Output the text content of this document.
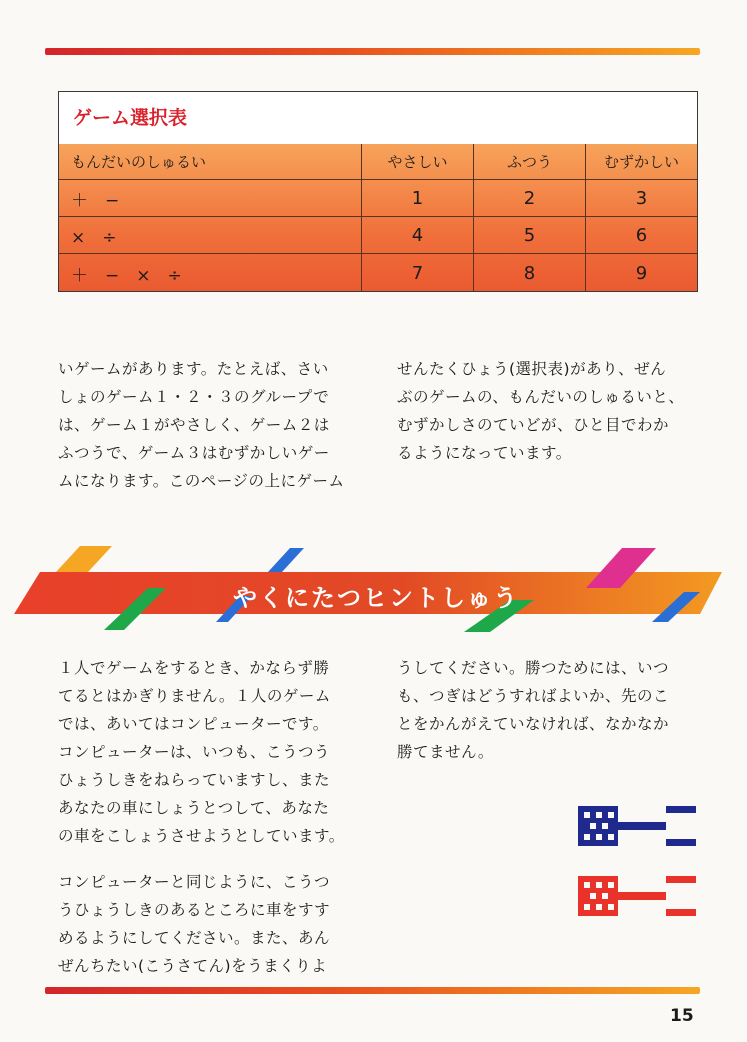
ゲーム選択表
もんだいのしゅるい	やさしい	ふつう	むずかしい
＋　−	1	2	3
×　÷	4	5	6
＋　−　×　÷	7	8	9
いゲームがあります。たとえば、さい
しょのゲーム１・２・３のグループで
は、ゲーム１がやさしく、ゲーム２は
ふつうで、ゲーム３はむずかしいゲー
ムになります。このページの上にゲーム
せんたくひょう(選択表)があり、ぜん
ぶのゲームの、もんだいのしゅるいと、
むずかしさのていどが、ひと目でわか
るようになっています。
やくにたつヒントしゅう
１人でゲームをするとき、かならず勝
てるとはかぎりません。１人のゲーム
では、あいてはコンピューターです。
コンピューターは、いつも、こうつう
ひょうしきをねらっていますし、また
あなたの車にしょうとつして、あなた
の車をこしょうさせようとしています。
コンピューターと同じように、こうつ
うひょうしきのあるところに車をすす
めるようにしてください。また、あん
ぜんちたい(こうさてん)をうまくりよ
うしてください。勝つためには、いつ
も、つぎはどうすればよいか、先のこ
とをかんがえていなければ、なかなか
勝てません。
15
